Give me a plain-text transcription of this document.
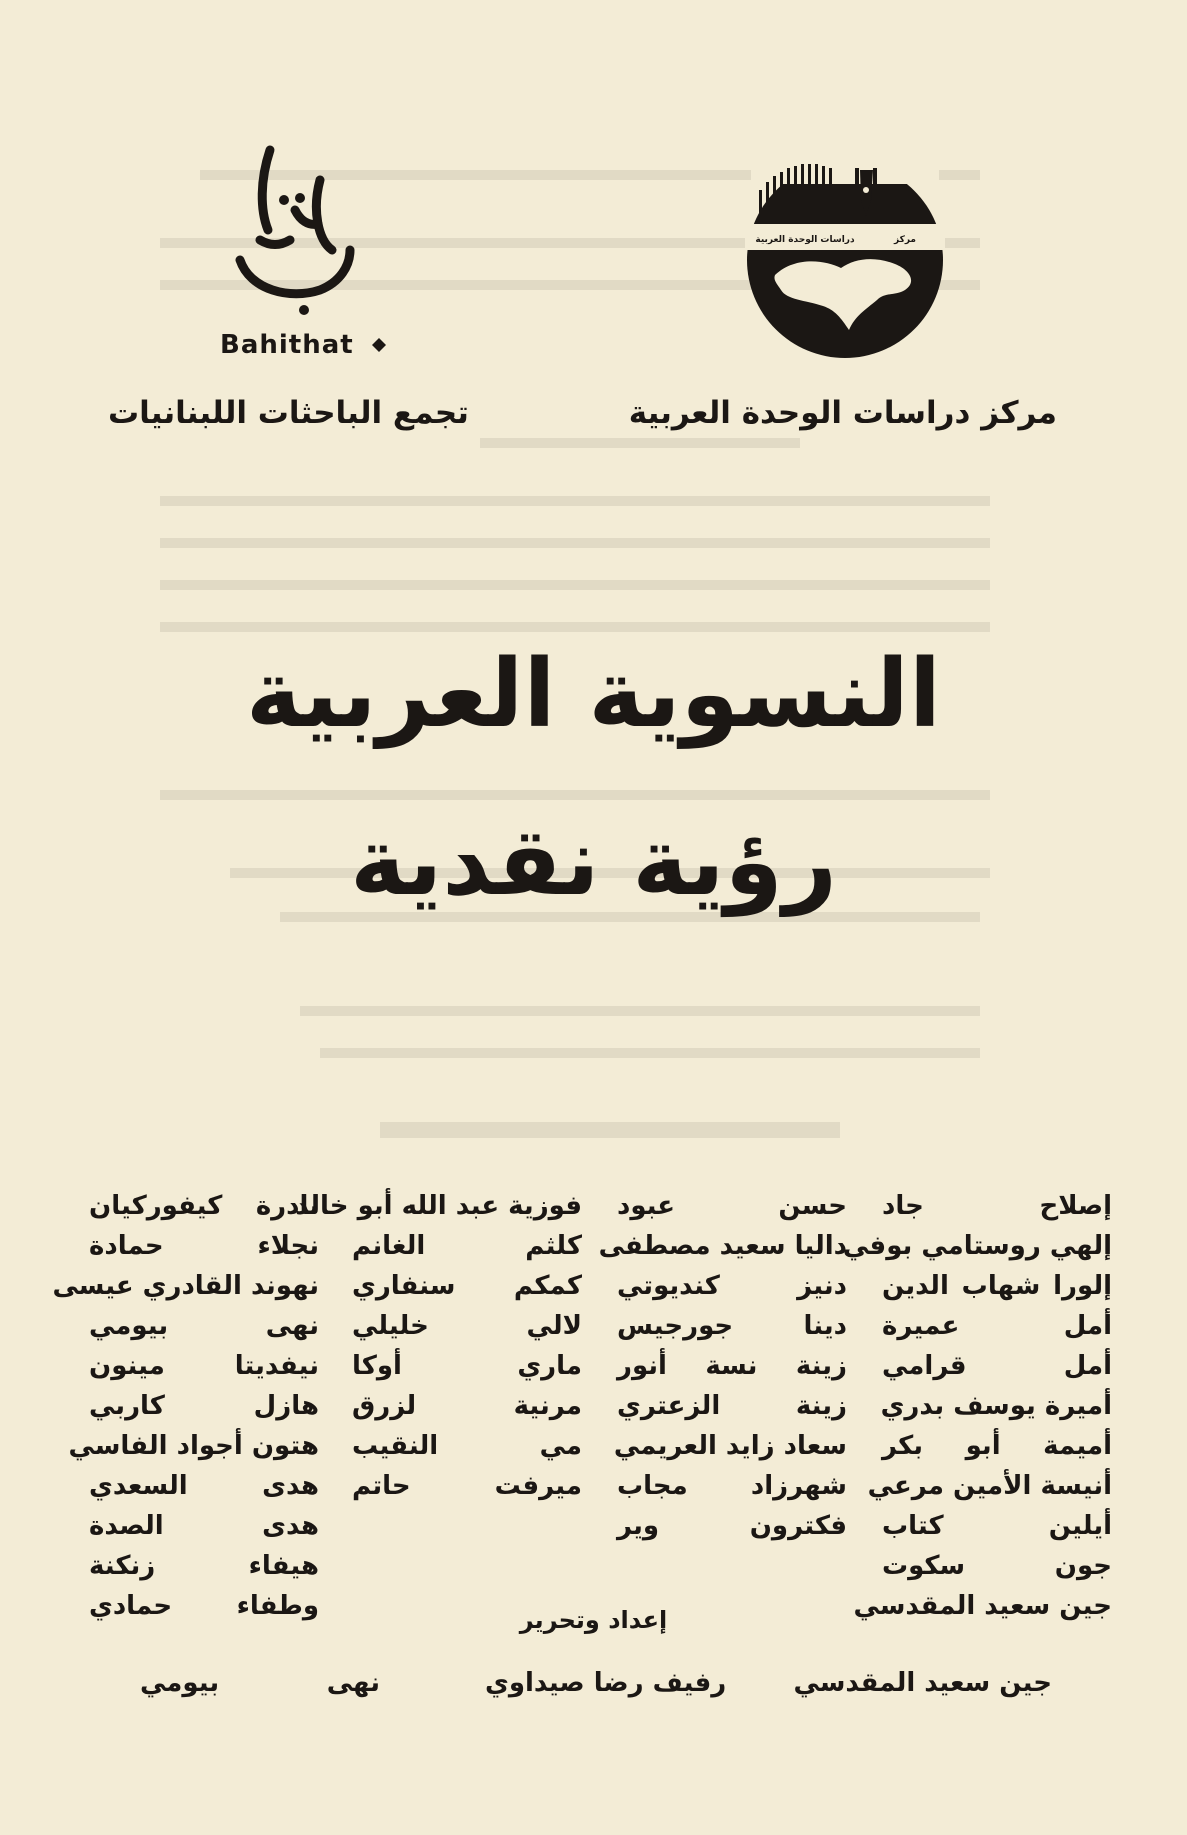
دراسات الوحدة العربية	مركز
Bahithat
مركز دراسات الوحدة العربية
تجمع الباحثات اللبنانيات
النسوية العربية
رؤية نقدية
إصلاح جاد
إلهي روستامي بوفي
إلورا شهاب الدين
أمل عميرة
أمل قرامي
أميرة يوسف بدري
أميمة أبو بكر
أنيسة الأمين مرعي
أيلين كتاب
جون سكوت
جين سعيد المقدسي
حسن عبود
داليا سعيد مصطفى
دنيز كنديوتي
دينا جورجيس
زينة نسة أنور
زينة الزعتري
سعاد زايد العريمي
شهرزاد مجاب
فكترون وير
فوزية عبد الله أبو خالد
كلثم الغانم
كمكم سنفاري
لالي خليلي
ماري أوكا
مرنية لزرق
مي النقيب
ميرفت حاتم
نادرة كيفوركيان
نجلاء حمادة
نهوند القادري عيسى
نهى بيومي
نيفديتا مينون
هازل كاربي
هتون أجواد الفاسي
هدى السعدي
هدى الصدة
هيفاء زنكنة
وطفاء حمادي	إعداد وتحرير
جين سعيد المقدسي
رفيف رضا صيداوي
نهى بيومي
